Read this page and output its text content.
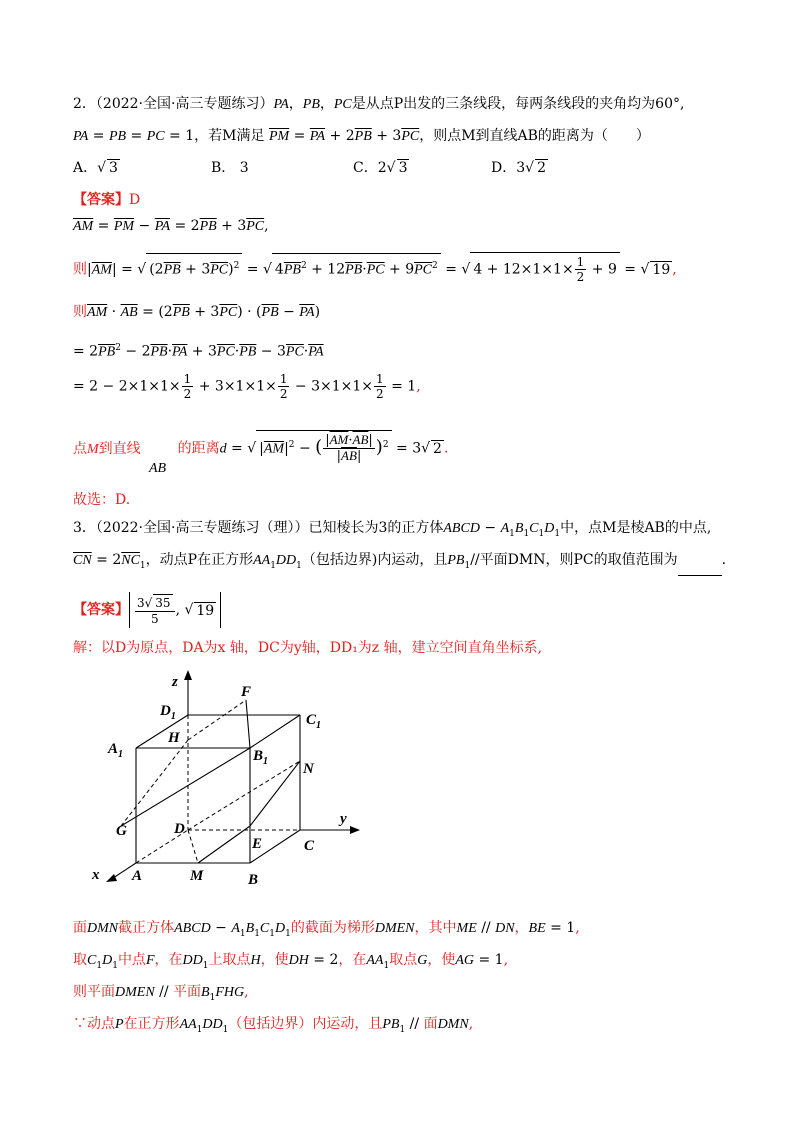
2．（2022·全国·高三专题练习）PA，PB，PC是从点P出发的三条线段，每两条线段的夹角均为60°,
PA = PB = PC = 1，若M满足 $\overline{PM} = \overline{PA} + 2\overline{PB} + 3\overline{PC}$，则点M到直线AB的距离为（　　）
A．√ 3	B． 3	C．2√ 3	D．3√ 2
【答案】D
$\overline{AM} = \overline{PM} - \overline{PA} = 2\overline{PB} + 3\overline{PC}$,
则$|\overline{AM}|$ = √ $(2\overline{PB} + 3\overline{PC})^2$ = √ $4\overline{PB}^2 + 12\overline{PB}\cdot\overline{PC} + 9\overline{PC}^2$ = √ $4 + 12\times 1\times 1\times \frac{1}{2} + 9$ = √ 19 ,
则$\overline{AM} \cdot \overline{AB} = (2\overline{PB} + 3\overline{PC}) \cdot (\overline{PB} - \overline{PA})$
= $2\overline{PB}^2 - 2\overline{PB}\cdot\overline{PA} + 3\overline{PC}\cdot\overline{PB} - 3\overline{PC}\cdot\overline{PA}$
= $2 - 2\times 1\times 1\times \frac{1}{2} + 3\times 1\times 1\times \frac{1}{2} - 3\times 1\times 1\times \frac{1}{2} = 1$,
点M到直线
AB
的距离d = √ $|\overline{AM}|^2$ − ( $\frac{|\overline{AM}\cdot\overline{AB}|}{|\overline{AB}|} )^2 = 3√$ 2 .
故选：D.
3．（2022·全国·高三专题练习（理））已知棱长为3的正方体ABCD − $A_1B_1C_1D_1$中，点M是棱AB的中点,
$\overline{CN} = 2\overline{NC}_1$，动点P在正方形$AA_1DD_1$（包括边界)内运动，且$PB_1//$平面DMN，则PC的取值范围为	.
【答案】 $\frac{3√ 35}{5}$ , √ 19
解：以D为原点，DA为x 轴，DC为y轴，DD₁为z 轴，建立空间直角坐标系,
z
F
$D_1$	$C_1$
$A_1$
H
$B_1$ N
G	D
y
E	C
x A	M	B
面DMN截正方体ABCD − $A_1B_1C_1D_1$的截面为梯形DMEN，其中ME // DN，BE = 1,
取$C_1D_1$中点F，在$DD_1$上取点H，使DH = 2，在$AA_1$取点G，使AG = 1,
则平面DMEN // 平面$B_1FHG$,
∵动点P在正方形$AA_1DD_1$（包括边界）内运动，且$PB_1$ // 面DMN,
